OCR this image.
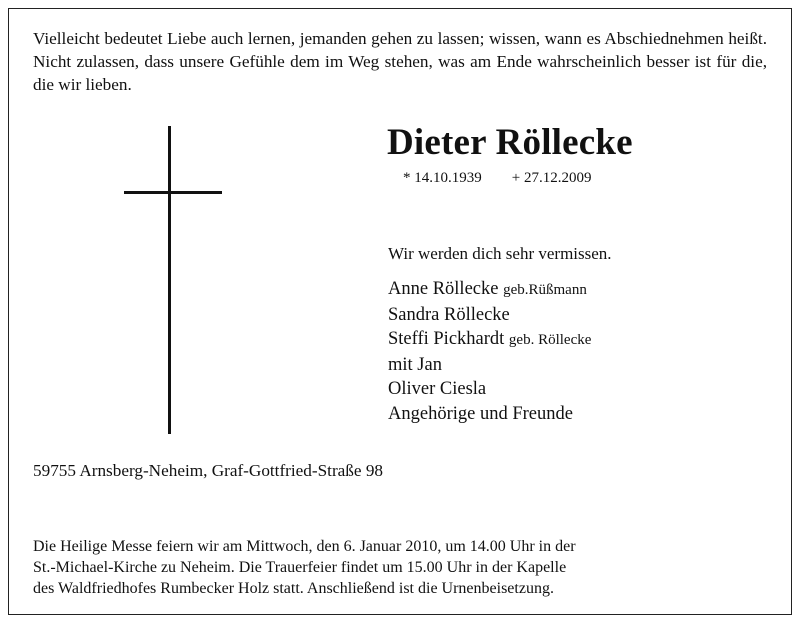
Vielleicht bedeutet Liebe auch lernen, jemanden gehen zu lassen; wissen, wann es Abschiednehmen heißt. Nicht zulassen, dass unsere Gefühle dem im Weg stehen, was am Ende wahrscheinlich besser ist für die, die wir lieben.

Dieter Röllecke
* 14.10.1939 + 27.12.2009
Wir werden dich sehr vermissen.
Anne Röllecke geb.Rüßmann
Sandra Röllecke
Steffi Pickhardt geb. Röllecke
mit Jan
Oliver Ciesla
Angehörige und Freunde
59755 Arnsberg-Neheim, Graf-Gottfried-Straße 98
Die Heilige Messe feiern wir am Mittwoch, den 6. Januar 2010, um 14.00 Uhr in der
St.-Michael-Kirche zu Neheim. Die Trauerfeier findet um 15.00 Uhr in der Kapelle
des Waldfriedhofes Rumbecker Holz statt. Anschließend ist die Urnenbeisetzung.
